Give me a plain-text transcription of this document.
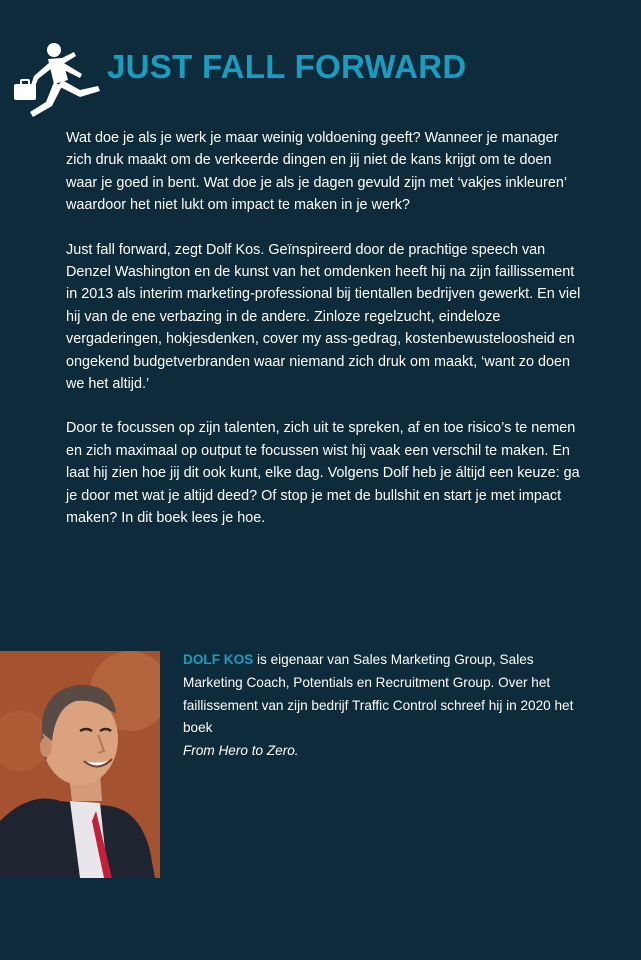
JUST FALL FORWARD

Wat doe je als je werk je maar weinig voldoening geeft? Wanneer je manager zich druk maakt om de verkeerde dingen en jij niet de kans krijgt om te doen waar je goed in bent. Wat doe je als je dagen gevuld zijn met ‘vakjes inkleuren’ waardoor het niet lukt om impact te maken in je werk?

Just fall forward, zegt Dolf Kos. Geïnspireerd door de prachtige speech van Denzel Washington en de kunst van het omdenken heeft hij na zijn faillissement in 2013 als interim marketing-professional bij tientallen bedrijven gewerkt. En viel hij van de ene verbazing in de andere. Zinloze regelzucht, eindeloze vergaderingen, hokjesdenken, cover my ass-gedrag, kostenbewusteloosheid en ongekend budgetverbranden waar niemand zich druk om maakt, ‘want zo doen we het altijd.’

Door te focussen op zijn talenten, zich uit te spreken, af en toe risico’s te nemen en zich maximaal op output te focussen wist hij vaak een verschil te maken. En laat hij zien hoe jij dit ook kunt, elke dag. Volgens Dolf heb je áltijd een keuze: ga je door met wat je altijd deed? Of stop je met de bullshit en start je met impact maken? In dit boek lees je hoe.

DOLF KOS is eigenaar van Sales Marketing Group, Sales Marketing Coach, Potentials en Recruitment Group. Over het faillissement van zijn bedrijf Traffic Control schreef hij in 2020 het boek
From Hero to Zero.
